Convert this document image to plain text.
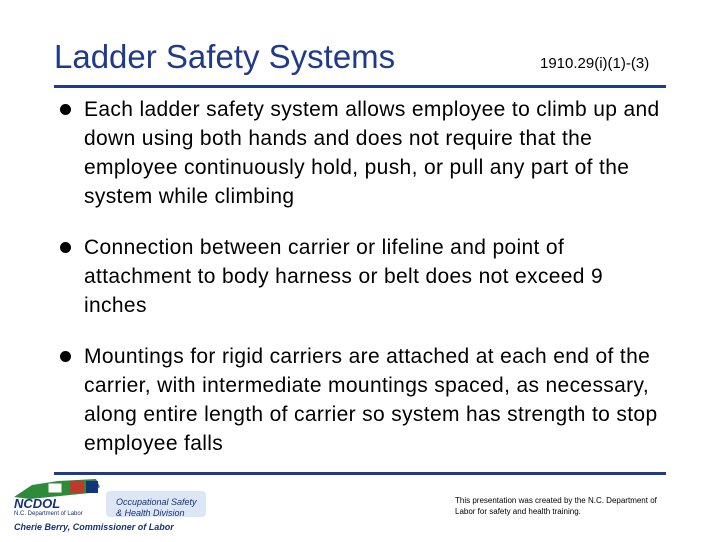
Ladder Safety Systems	1910.29(i)(1)-(3)
Each ladder safety system allows employee to climb up and down using both hands and does not require that the employee continuously hold, push, or pull any part of the system while climbing
Connection between carrier or lifeline and point of attachment to body harness or belt does not exceed 9 inches
Mountings for rigid carriers are attached at each end of the carrier, with intermediate mountings spaced, as necessary, along entire length of carrier so system has strength to stop employee falls
NCDOL
N.C. Department of Labor
Cherie Berry, Commissioner of Labor
Occupational Safety
& Health Division
This presentation was created by the N.C. Department of Labor for safety and health training.
